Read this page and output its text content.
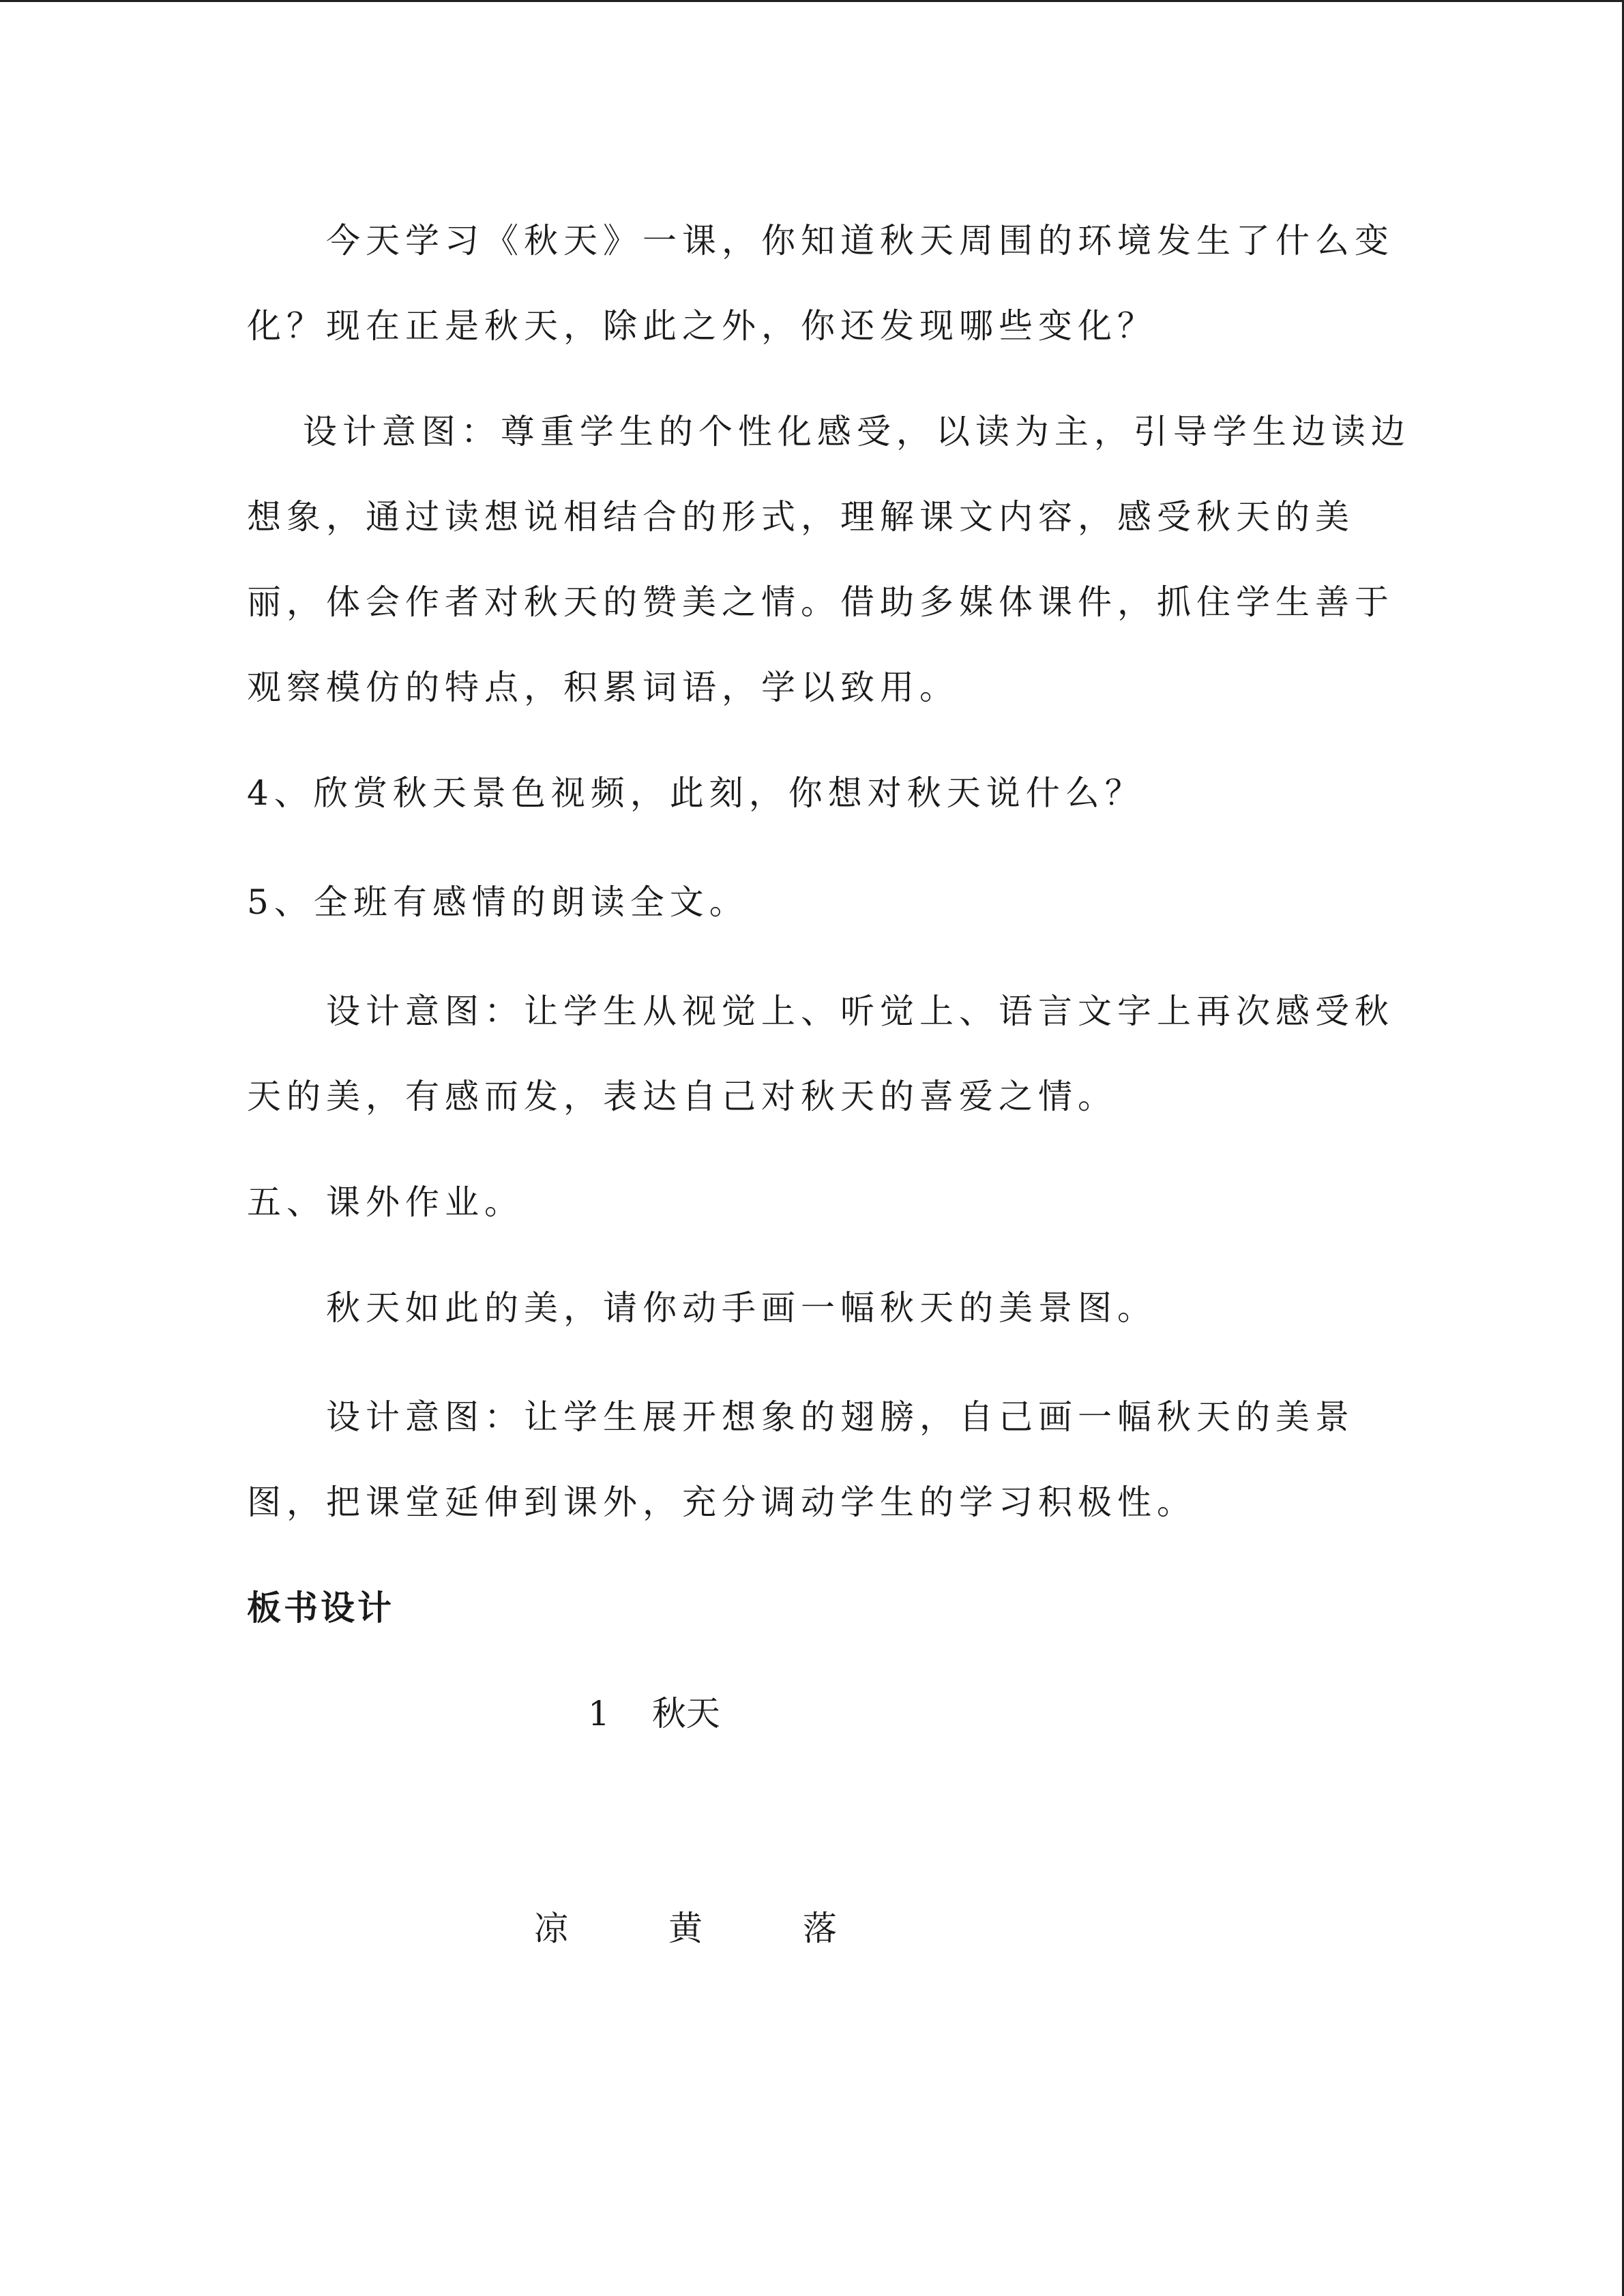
　　今天学习《秋天》一课，你知道秋天周围的环境发生了什么变
化？现在正是秋天，除此之外，你还发现哪些变化？
　 设计意图：尊重学生的个性化感受，以读为主，引导学生边读边
想象，通过读想说相结合的形式，理解课文内容，感受秋天的美
丽，体会作者对秋天的赞美之情。借助多媒体课件，抓住学生善于
观察模仿的特点，积累词语，学以致用。
4、欣赏秋天景色视频，此刻，你想对秋天说什么？
5、全班有感情的朗读全文。
　　设计意图：让学生从视觉上、听觉上、语言文字上再次感受秋
天的美，有感而发，表达自己对秋天的喜爱之情。
五、课外作业。
　　秋天如此的美，请你动手画一幅秋天的美景图。
　　设计意图：让学生展开想象的翅膀，自己画一幅秋天的美景
图，把课堂延伸到课外，充分调动学生的学习积极性。
板书设计
1 秋天
凉	黄	落
